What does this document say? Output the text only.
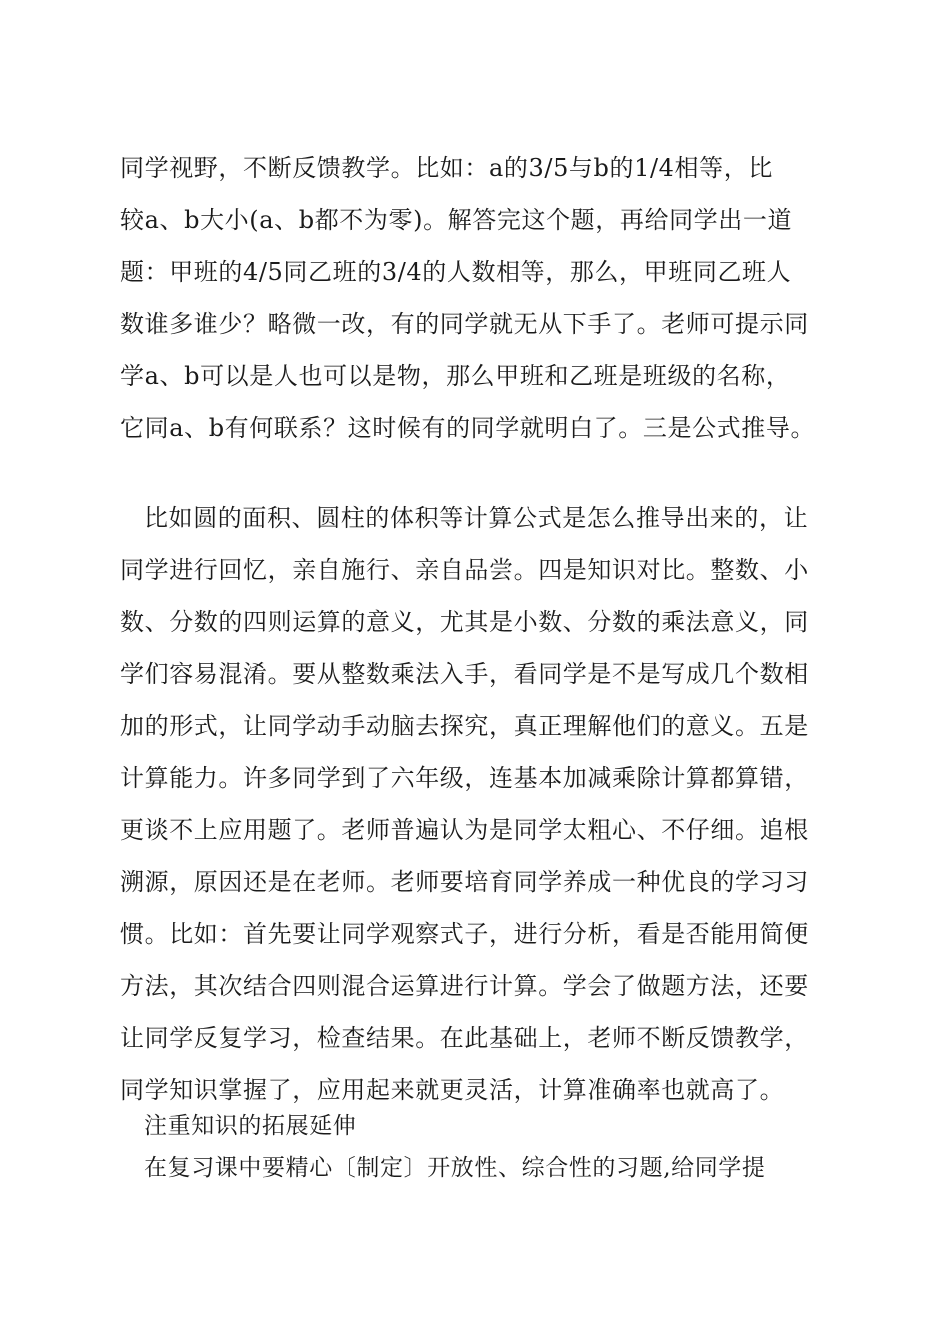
同学视野，不断反馈教学。比如：a的3/5与b的1/4相等，比
较a、b大小(a、b都不为零)。解答完这个题，再给同学出一道
题：甲班的4/5同乙班的3/4的人数相等，那么，甲班同乙班人
数谁多谁少？略微一改，有的同学就无从下手了。老师可提示同
学a、b可以是人也可以是物，那么甲班和乙班是班级的名称，
它同a、b有何联系？这时候有的同学就明白了。三是公式推导。
比如圆的面积、圆柱的体积等计算公式是怎么推导出来的，让
同学进行回忆，亲自施行、亲自品尝。四是知识对比。整数、小
数、分数的四则运算的意义，尤其是小数、分数的乘法意义，同
学们容易混淆。要从整数乘法入手，看同学是不是写成几个数相
加的形式，让同学动手动脑去探究，真正理解他们的意义。五是
计算能力。许多同学到了六年级，连基本加减乘除计算都算错，
更谈不上应用题了。老师普遍认为是同学太粗心、不仔细。追根
溯源，原因还是在老师。老师要培育同学养成一种优良的学习习
惯。比如：首先要让同学观察式子，进行分析，看是否能用简便
方法，其次结合四则混合运算进行计算。学会了做题方法，还要
让同学反复学习，检查结果。在此基础上，老师不断反馈教学，
同学知识掌握了，应用起来就更灵活，计算准确率也就高了。
注重知识的拓展延伸
在复习课中要精心〔制定〕开放性、综合性的习题,给同学提
